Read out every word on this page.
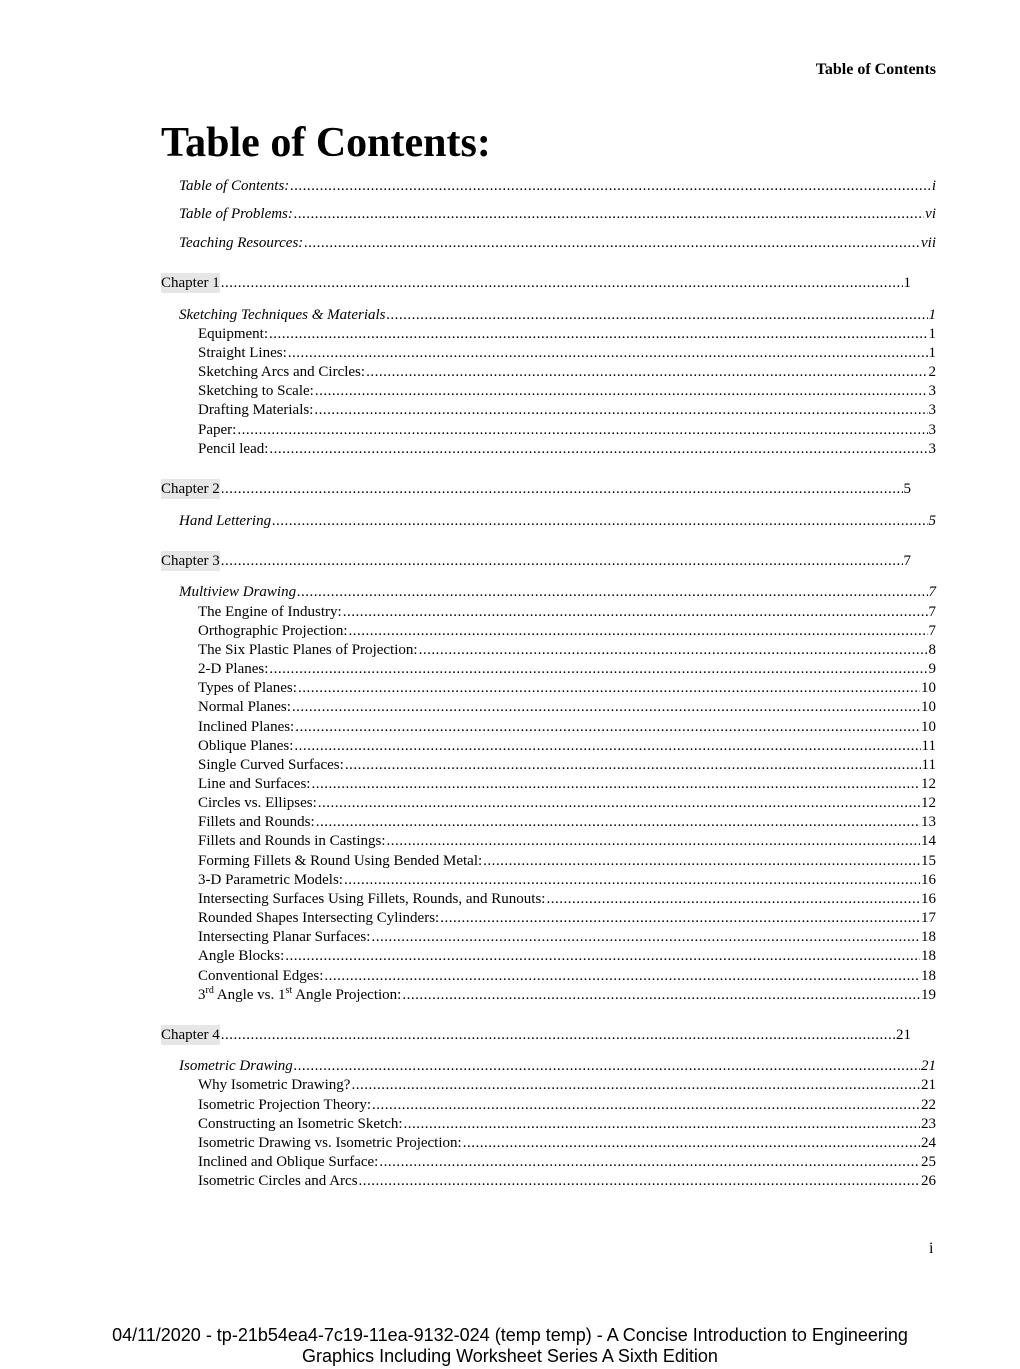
Table of Contents
Table of Contents:
Table of Contents: .....	i
Table of Problems: .....	vi
Teaching Resources: .....	vii
Chapter 1 .....	1
Sketching Techniques & Materials .....	1
Equipment: .....	1
Straight Lines: .....	1
Sketching Arcs and Circles: .....	2
Sketching to Scale: .....	3
Drafting Materials: .....	3
Paper: .....	3
Pencil lead: .....	3
Chapter 2 .....	5
Hand Lettering .....	5
Chapter 3 .....	7
Multiview Drawing .....	7
The Engine of Industry: .....	7
Orthographic Projection: .....	7
The Six Plastic Planes of Projection: .....	8
2-D Planes: .....	9
Types of Planes: .....	10
Normal Planes: .....	10
Inclined Planes: .....	10
Oblique Planes: .....	11
Single Curved Surfaces: .....	11
Line and Surfaces: .....	12
Circles vs. Ellipses: .....	12
Fillets and Rounds: .....	13
Fillets and Rounds in Castings: .....	14
Forming Fillets & Round Using Bended Metal: .....	15
3-D Parametric Models: .....	16
Intersecting Surfaces Using Fillets, Rounds, and Runouts: .....	16
Rounded Shapes Intersecting Cylinders: .....	17
Intersecting Planar Surfaces: .....	18
Angle Blocks: .....	18
Conventional Edges: .....	18
3rd Angle vs. 1st Angle Projection: .....	19
Chapter 4 .....	21
Isometric Drawing .....	21
Why Isometric Drawing? .....	21
Isometric Projection Theory: .....	22
Constructing an Isometric Sketch: .....	23
Isometric Drawing vs. Isometric Projection: .....	24
Inclined and Oblique Surface: .....	25
Isometric Circles and Arcs .....	26
i
04/11/2020 - tp-21b54ea4-7c19-11ea-9132-024 (temp temp) - A Concise Introduction to Engineering
Graphics Including Worksheet Series A Sixth Edition
